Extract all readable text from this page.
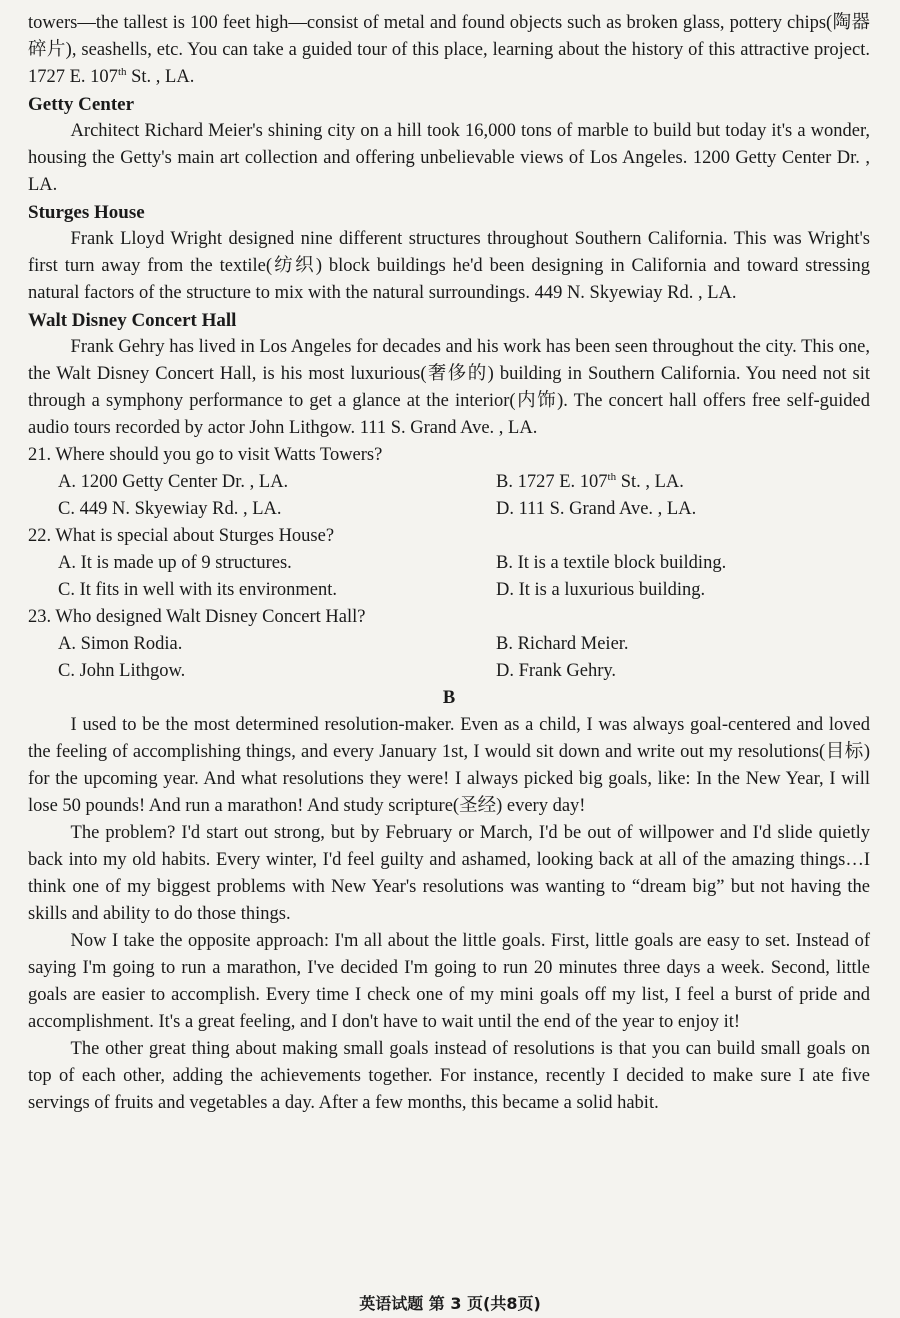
towers—the tallest is 100 feet high—consist of metal and found objects such as broken glass, pottery chips(陶器碎片), seashells, etc. You can take a guided tour of this place, learning about the history of this attractive project. 1727 E. 107th St. , LA.

Getty Center

Architect Richard Meier's shining city on a hill took 16,000 tons of marble to build but today it's a wonder, housing the Getty's main art collection and offering unbelievable views of Los Angeles. 1200 Getty Center Dr. , LA.

Sturges House

Frank Lloyd Wright designed nine different structures throughout Southern California. This was Wright's first turn away from the textile(纺织) block buildings he'd been designing in California and toward stressing natural factors of the structure to mix with the natural surroundings. 449 N. Skyewiay Rd. , LA.

Walt Disney Concert Hall

Frank Gehry has lived in Los Angeles for decades and his work has been seen throughout the city. This one, the Walt Disney Concert Hall, is his most luxurious(奢侈的) building in Southern California. You need not sit through a symphony performance to get a glance at the interior(内饰). The concert hall offers free self-guided audio tours recorded by actor John Lithgow. 111 S. Grand Ave. , LA.

21. Where should you go to visit Watts Towers?
A. 1200 Getty Center Dr. , LA.	B. 1727 E. 107th St. , LA.
C. 449 N. Skyewiay Rd. , LA.	D. 111 S. Grand Ave. , LA.
22. What is special about Sturges House?
A. It is made up of 9 structures.	B. It is a textile block building.
C. It fits in well with its environment.	D. It is a luxurious building.
23. Who designed Walt Disney Concert Hall?
A. Simon Rodia.	B. Richard Meier.
C. John Lithgow.	D. Frank Gehry.
B

I used to be the most determined resolution-maker. Even as a child, I was always goal-centered and loved the feeling of accomplishing things, and every January 1st, I would sit down and write out my resolutions(目标) for the upcoming year. And what resolutions they were! I always picked big goals, like: In the New Year, I will lose 50 pounds! And run a marathon! And study scripture(圣经) every day!

The problem? I'd start out strong, but by February or March, I'd be out of willpower and I'd slide quietly back into my old habits. Every winter, I'd feel guilty and ashamed, looking back at all of the amazing things…I think one of my biggest problems with New Year's resolutions was wanting to “dream big” but not having the skills and ability to do those things.

Now I take the opposite approach: I'm all about the little goals. First, little goals are easy to set. Instead of saying I'm going to run a marathon, I've decided I'm going to run 20 minutes three days a week. Second, little goals are easier to accomplish. Every time I check one of my mini goals off my list, I feel a burst of pride and accomplishment. It's a great feeling, and I don't have to wait until the end of the year to enjoy it!

The other great thing about making small goals instead of resolutions is that you can build small goals on top of each other, adding the achievements together. For instance, recently I decided to make sure I ate five servings of fruits and vegetables a day. After a few months, this became a solid habit.

英语试题 第 3 页(共8页)
